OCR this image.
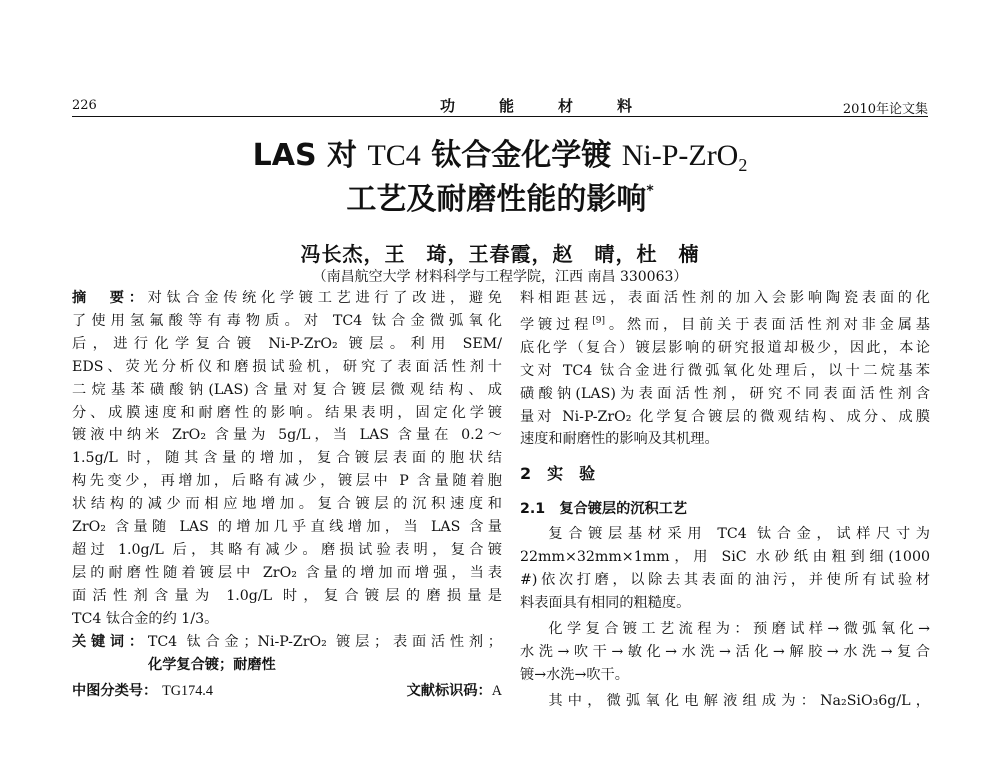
226	功能材料	2010年论文集
LAS 对 TC4 钛合金化学镀 Ni-P-ZrO$_2$
工艺及耐磨性能的影响*
冯长杰，王　琦，王春霞，赵　晴，杜　楠
（南昌航空大学 材料科学与工程学院，江西 南昌 330063）
摘　要：对钛合金传统化学镀工艺进行了改进，避免
了使用氢氟酸等有毒物质。对 TC4 钛合金微弧氧化
后，进行化学复合镀 Ni-P-ZrO₂ 镀层。利用 SEM/
EDS、荧光分析仪和磨损试验机，研究了表面活性剂十
二烷基苯磺酸钠(LAS)含量对复合镀层微观结构、成
分、成膜速度和耐磨性的影响。结果表明，固定化学镀
镀液中纳米 ZrO₂ 含量为 5g/L，当 LAS 含量在 0.2～
1.5g/L 时，随其含量的增加，复合镀层表面的胞状结
构先变少，再增加，后略有减少，镀层中 P 含量随着胞
状结构的减少而相应地增加。复合镀层的沉积速度和
ZrO₂ 含量随 LAS 的增加几乎直线增加，当 LAS 含量
超过 1.0g/L 后，其略有减少。磨损试验表明，复合镀
层的耐磨性随着镀层中 ZrO₂ 含量的增加而增强，当表
面活性剂含量为 1.0g/L 时，复合镀层的磨损量是
TC4 钛合金的约 1/3。
关键词：TC4 钛合金；Ni-P-ZrO₂ 镀层；表面活性剂；
化学复合镀；耐磨性
中图分类号： TG174.4	文献标识码：A
料相距甚远，表面活性剂的加入会影响陶瓷表面的化
学镀过程[9]。然而，目前关于表面活性剂对非金属基
底化学（复合）镀层影响的研究报道却极少，因此，本论
文对 TC4 钛合金进行微弧氧化处理后，以十二烷基苯
磺酸钠(LAS)为表面活性剂，研究不同表面活性剂含
量对 Ni-P-ZrO₂ 化学复合镀层的微观结构、成分、成膜
速度和耐磨性的影响及其机理。
2　实　验
2.1　复合镀层的沉积工艺
复合镀层基材采用 TC4 钛合金，试样尺寸为
22mm×32mm×1mm，用 SiC 水砂纸由粗到细(1000
#)依次打磨，以除去其表面的油污，并使所有试验材
料表面具有相同的粗糙度。
化学复合镀工艺流程为：预磨试样→微弧氧化→
水洗→吹干→敏化→水洗→活化→解胶→水洗→复合
镀→水洗→吹干。
其中，微弧氧化电解液组成为：Na₂SiO₃6g/L，
